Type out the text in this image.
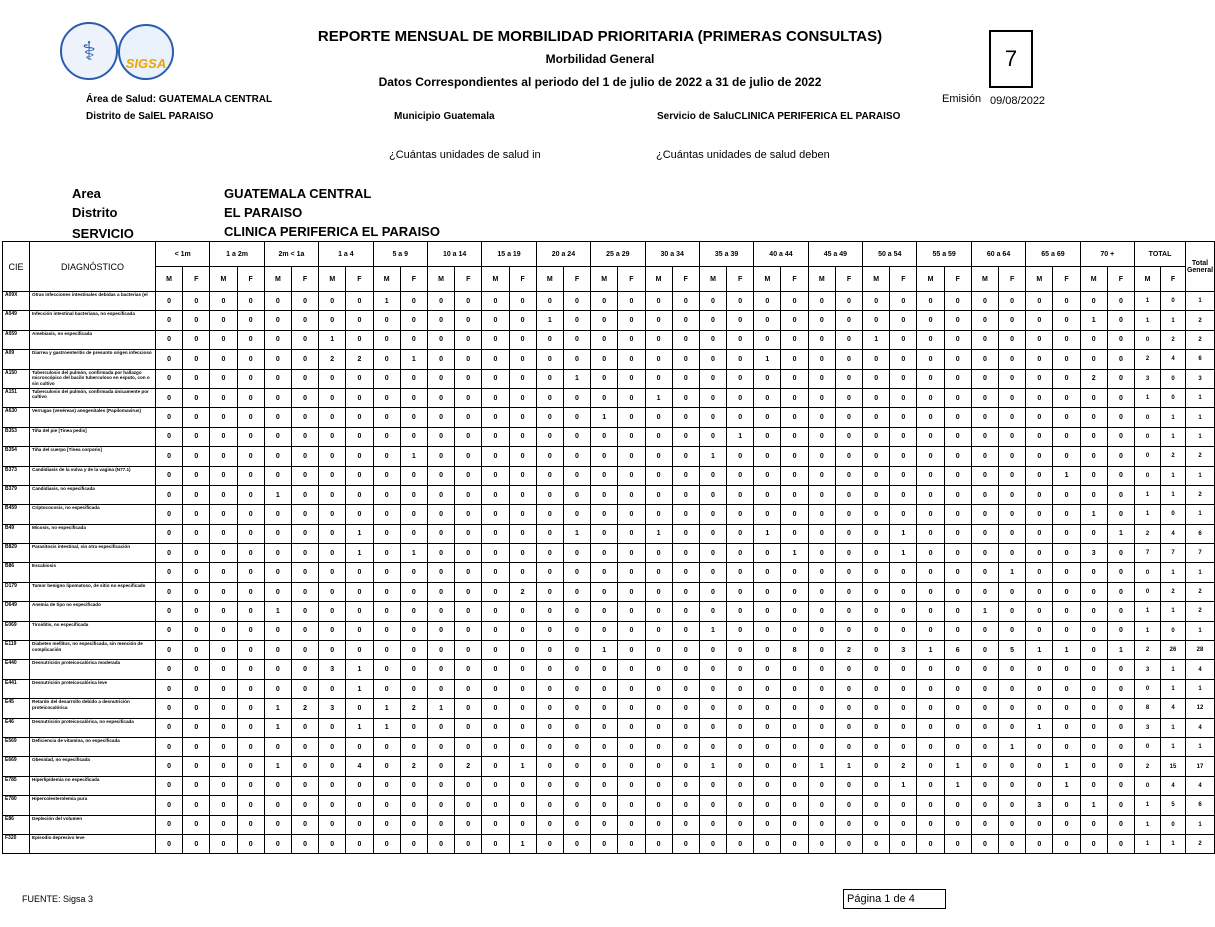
⚕	SIGSA
REPORTE MENSUAL DE MORBILIDAD PRIORITARIA (PRIMERAS CONSULTAS)
Morbilidad General
Datos Correspondientes al periodo del 1 de julio de 2022 a 31 de julio de 2022
7
Área de Salud: GUATEMALA CENTRAL	Emisión 09/08/2022
Distrito de SalEL PARAISO	Municipio Guatemala	Servicio de SaluCLINICA PERIFERICA EL PARAISO
¿Cuántas unidades de salud in	¿Cuántas unidades de salud deben
Area	GUATEMALA CENTRAL
Distrito	EL PARAISO
SERVICIO	CLINICA PERIFERICA EL PARAISO
CIE	DIAGNÓSTICO	< 1m		1 a 2m		2m < 1a		1 a 4		5 a 9		10 a 14		15 a 19		20 a 24		25 a 29		30 a 34		35 a 39		40 a 44		45 a 49		50 a 54		55 a 59		60 a 64		65 a 69		70 +		TOTAL		Total General
		M	F	M	F	M	F	M	F	M	F	M	F	M	F	M	F	M	F	M	F	M	F	M	F	M	F	M	F	M	F	M	F	M	F	M	F	M	F	
A09X	Otras infecciones intestinales debidas a bacterias (el	0	0	0	0	0	0	0	0	1	0	0	0	0	0	0	0	0	0	0	0	0	0	0	0	0	0	0	0	0	0	0	0	0	0	0	0	1	0	1
A049	Infección intestinal bacteriana, no especificada	0	0	0	0	0	0	0	0	0	0	0	0	0	0	1	0	0	0	0	0	0	0	0	0	0	0	0	0	0	0	0	0	0	0	1	0	1	1	2
A059	Amebiasis, no especificada	0	0	0	0	0	0	1	0	0	0	0	0	0	0	0	0	0	0	0	0	0	0	0	0	0	0	1	0	0	0	0	0	0	0	0	0	0	2	2
A09	Diarrea y gastroenteritis de presunto origen infeccioso	0	0	0	0	0	0	2	2	0	1	0	0	0	0	0	0	0	0	0	0	0	0	1	0	0	0	0	0	0	0	0	0	0	0	0	0	2	4	6
A150	Tuberculosis del pulmón, confirmada por hallazgo microscópico del bacilo tuberculoso en esputo, con o sin cultivo	0	0	0	0	0	0	0	0	0	0	0	0	0	0	0	1	0	0	0	0	0	0	0	0	0	0	0	0	0	0	0	0	0	0	2	0	3	0	3
A151	Tuberculosis del pulmón, confirmada únicamente por cultivo	0	0	0	0	0	0	0	0	0	0	0	0	0	0	0	0	0	0	1	0	0	0	0	0	0	0	0	0	0	0	0	0	0	0	0	0	1	0	1
A630	Verrugas (venéreas) anogenitales (Papilomavirus)	0	0	0	0	0	0	0	0	0	0	0	0	0	0	0	0	1	0	0	0	0	0	0	0	0	0	0	0	0	0	0	0	0	0	0	0	0	1	1
B353	Tiña del pie [Tinea pedis]	0	0	0	0	0	0	0	0	0	0	0	0	0	0	0	0	0	0	0	0	0	1	0	0	0	0	0	0	0	0	0	0	0	0	0	0	0	1	1
B354	Tiña del cuerpo [Tinea corporis]	0	0	0	0	0	0	0	0	0	1	0	0	0	0	0	0	0	0	0	0	1	0	0	0	0	0	0	0	0	0	0	0	0	0	0	0	0	2	2
B373	Candidiasis de la vulva y de la vagina (N77.1)	0	0	0	0	0	0	0	0	0	0	0	0	0	0	0	0	0	0	0	0	0	0	0	0	0	0	0	0	0	0	0	0	0	1	0	0	0	1	1
B379	Candidiasis, no especificada	0	0	0	0	1	0	0	0	0	0	0	0	0	0	0	0	0	0	0	0	0	0	0	0	0	0	0	0	0	0	0	0	0	0	0	0	1	1	2
B459	Criptococosis, no especificada	0	0	0	0	0	0	0	0	0	0	0	0	0	0	0	0	0	0	0	0	0	0	0	0	0	0	0	0	0	0	0	0	0	0	1	0	1	0	1
B49	Micosis, no especificada	0	0	0	0	0	0	0	1	0	0	0	0	0	0	0	1	0	0	1	0	0	0	1	0	0	0	0	1	0	0	0	0	0	0	0	1	2	4	6
B829	Parasitosis intestinal, sin otra especificación	0	0	0	0	0	0	0	1	0	1	0	0	0	0	0	0	0	0	0	0	0	0	0	1	0	0	0	1	0	0	0	0	0	0	3	0	7	7	7
B86	Escabiosis	0	0	0	0	0	0	0	0	0	0	0	0	0	0	0	0	0	0	0	0	0	0	0	0	0	0	0	0	0	0	0	1	0	0	0	0	0	1	1
D179	Tumor benigno lipomatoso, de sitio no especificado	0	0	0	0	0	0	0	0	0	0	0	0	0	2	0	0	0	0	0	0	0	0	0	0	0	0	0	0	0	0	0	0	0	0	0	0	0	2	2
D649	Anemia de tipo no especificado	0	0	0	0	1	0	0	0	0	0	0	0	0	0	0	0	0	0	0	0	0	0	0	0	0	0	0	0	0	0	1	0	0	0	0	0	1	1	2
E069	Tiroiditis, no especificada	0	0	0	0	0	0	0	0	0	0	0	0	0	0	0	0	0	0	0	0	1	0	0	0	0	0	0	0	0	0	0	0	0	0	0	0	1	0	1
E119	Diabetes mellitus, no especificada, sin mención de complicación	0	0	0	0	0	0	0	0	0	0	0	0	0	0	0	0	1	0	0	0	0	0	0	8	0	2	0	3	1	6	0	5	1	1	0	1	2	26	28
E440	Desnutrición proteicocalórica moderada	0	0	0	0	0	0	3	1	0	0	0	0	0	0	0	0	0	0	0	0	0	0	0	0	0	0	0	0	0	0	0	0	0	0	0	0	3	1	4
E441	Desnutrición proteicocalórica leve	0	0	0	0	0	0	0	1	0	0	0	0	0	0	0	0	0	0	0	0	0	0	0	0	0	0	0	0	0	0	0	0	0	0	0	0	0	1	1
E45	Retardo del desarrollo debido a desnutrición proteicocalórica	0	0	0	0	1	2	3	0	1	2	1	0	0	0	0	0	0	0	0	0	0	0	0	0	0	0	0	0	0	0	0	0	0	0	0	0	8	4	12
E46	Desnutrición proteicocalórica, no especificada	0	0	0	0	1	0	0	1	1	0	0	0	0	0	0	0	0	0	0	0	0	0	0	0	0	0	0	0	0	0	0	0	1	0	0	0	3	1	4
E569	Deficiencia de vitamina, no especificada	0	0	0	0	0	0	0	0	0	0	0	0	0	0	0	0	0	0	0	0	0	0	0	0	0	0	0	0	0	0	0	1	0	0	0	0	0	1	1
E669	Obesidad, no especificada	0	0	0	0	1	0	0	4	0	2	0	2	0	1	0	0	0	0	0	0	1	0	0	0	1	1	0	2	0	1	0	0	0	1	0	0	2	15	17
E785	Hiperlipidemia no especificada	0	0	0	0	0	0	0	0	0	0	0	0	0	0	0	0	0	0	0	0	0	0	0	0	0	0	0	1	0	1	0	0	0	1	0	0	0	4	4
E780	Hipercolesterolemia pura	0	0	0	0	0	0	0	0	0	0	0	0	0	0	0	0	0	0	0	0	0	0	0	0	0	0	0	0	0	0	0	0	3	0	1	0	1	5	6
E86	Depleción del volumen	0	0	0	0	0	0	0	0	0	0	0	0	0	0	0	0	0	0	0	0	0	0	0	0	0	0	0	0	0	0	0	0	0	0	0	0	1	0	1
F320	Episodio depresivo leve	0	0	0	0	0	0	0	0	0	0	0	0	0	1	0	0	0	0	0	0	0	0	0	0	0	0	0	0	0	0	0	0	0	0	0	0	1	1	2
FUENTE: Sigsa 3	Página 1 de 4
